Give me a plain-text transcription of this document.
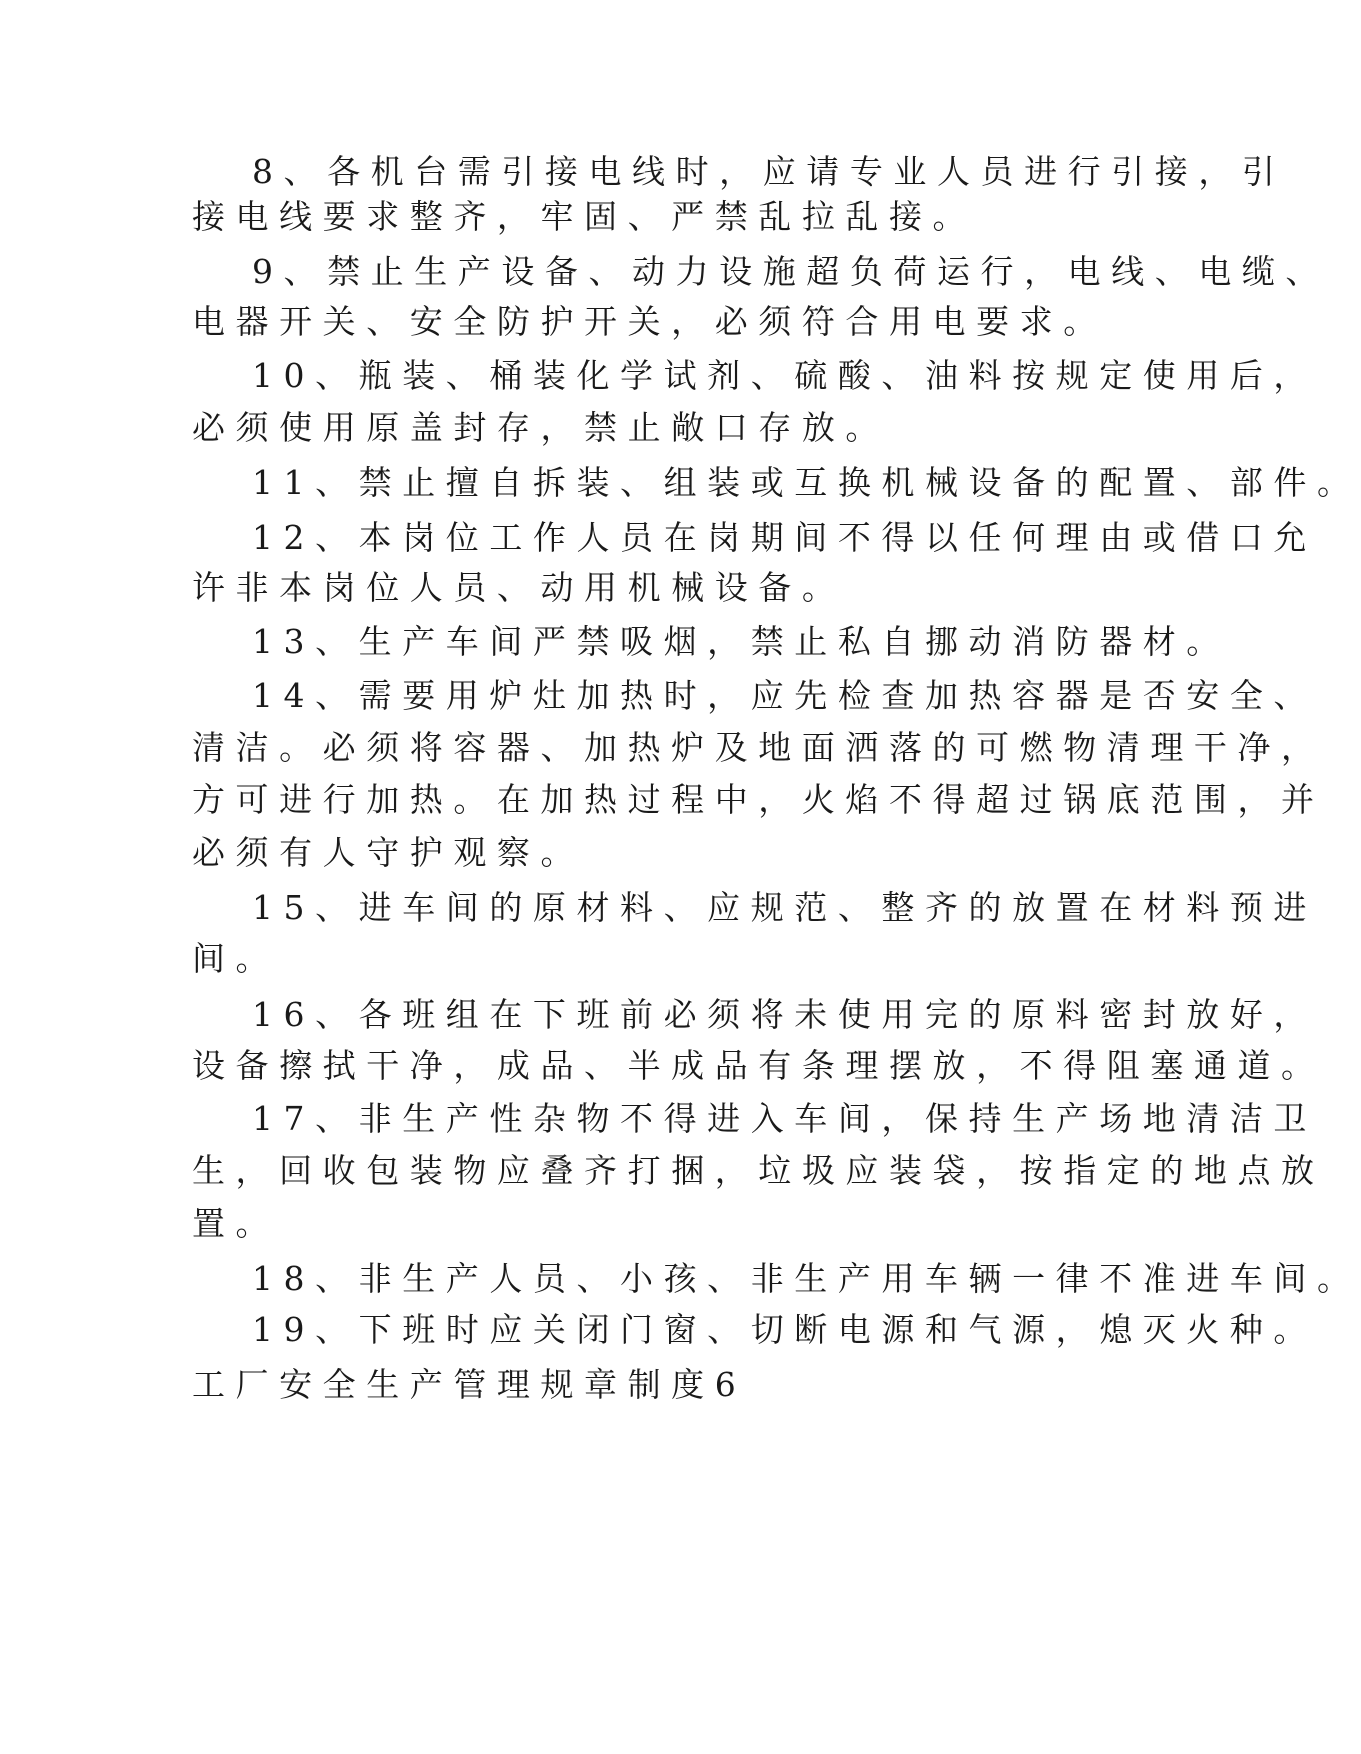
8、各机台需引接电线时，应请专业人员进行引接，引
接电线要求整齐，牢固、严禁乱拉乱接。
9、禁止生产设备、动力设施超负荷运行，电线、电缆、
电器开关、安全防护开关，必须符合用电要求。
10、瓶装、桶装化学试剂、硫酸、油料按规定使用后，
必须使用原盖封存，禁止敞口存放。
11、禁止擅自拆装、组装或互换机械设备的配置、部件。
12、本岗位工作人员在岗期间不得以任何理由或借口允
许非本岗位人员、动用机械设备。
13、生产车间严禁吸烟，禁止私自挪动消防器材。
14、需要用炉灶加热时，应先检查加热容器是否安全、
清洁。必须将容器、加热炉及地面洒落的可燃物清理干净，
方可进行加热。在加热过程中，火焰不得超过锅底范围，并
必须有人守护观察。
15、进车间的原材料、应规范、整齐的放置在材料预进
间。
16、各班组在下班前必须将未使用完的原料密封放好，
设备擦拭干净，成品、半成品有条理摆放，不得阻塞通道。
17、非生产性杂物不得进入车间，保持生产场地清洁卫
生，回收包装物应叠齐打捆，垃圾应装袋，按指定的地点放
置。
18、非生产人员、小孩、非生产用车辆一律不准进车间。
19、下班时应关闭门窗、切断电源和气源，熄灭火种。
工厂安全生产管理规章制度6
